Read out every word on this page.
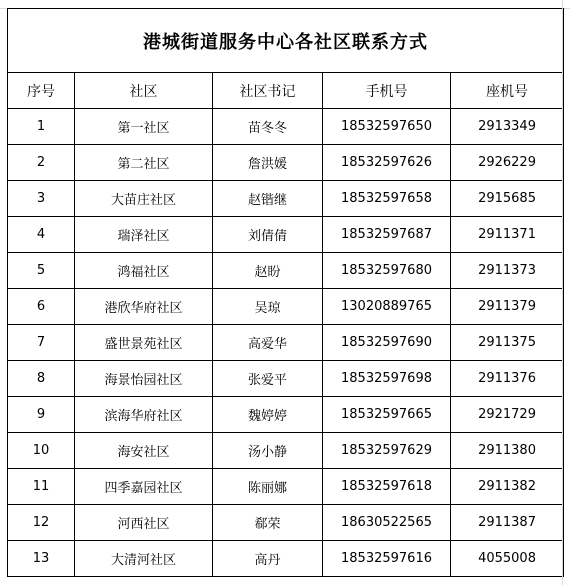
港城街道服务中心各社区联系方式				
序号	社区	社区书记	手机号	座机号
1	第一社区	苗冬冬	18532597650	2913349
2	第二社区	詹洪媛	18532597626	2926229
3	大苗庄社区	赵锴继	18532597658	2915685
4	瑞泽社区	刘倩倩	18532597687	2911371
5	鸿福社区	赵盼	18532597680	2911373
6	港欣华府社区	吴琼	13020889765	2911379
7	盛世景苑社区	高爱华	18532597690	2911375
8	海景怡园社区	张爱平	18532597698	2911376
9	滨海华府社区	魏婷婷	18532597665	2921729
10	海安社区	汤小静	18532597629	2911380
11	四季嘉园社区	陈丽娜	18532597618	2911382
12	河西社区	郗荣	18630522565	2911387
13	大清河社区	高丹	18532597616	4055008
